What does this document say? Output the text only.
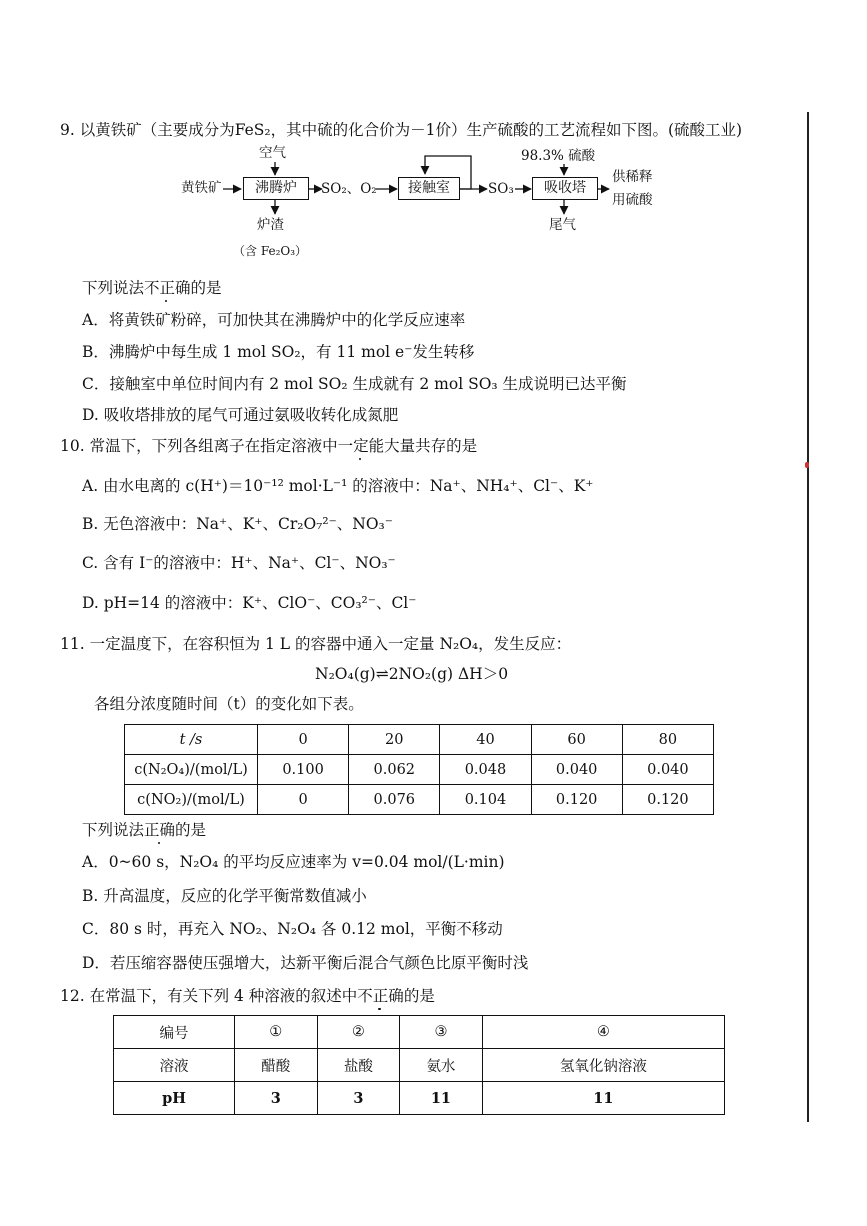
9. 以黄铁矿（主要成分为FeS₂，其中硫的化合价为－1价）生产硫酸的工艺流程如下图。(硫酸工业)
空气
黄铁矿	沸腾炉	SO₂、O₂	接触室	SO₃
98.3% 硫酸
吸收塔
供稀释
用硫酸
炉渣
（含 Fe₂O₃）
尾气
下列说法不正确的是
A．将黄铁矿粉碎，可加快其在沸腾炉中的化学反应速率
B．沸腾炉中每生成 1 mol SO₂，有 11 mol e⁻发生转移
C．接触室中单位时间内有 2 mol SO₂ 生成就有 2 mol SO₃ 生成说明已达平衡
D. 吸收塔排放的尾气可通过氨吸收转化成氮肥
10. 常温下，下列各组离子在指定溶液中一定能大量共存的是
A. 由水电离的 c(H⁺)＝10⁻¹² mol·L⁻¹ 的溶液中：Na⁺、NH₄⁺、Cl⁻、K⁺
B. 无色溶液中：Na⁺、K⁺、Cr₂O₇²⁻、NO₃⁻
C. 含有 I⁻的溶液中：H⁺、Na⁺、Cl⁻、NO₃⁻
D. pH=14 的溶液中：K⁺、ClO⁻、CO₃²⁻、Cl⁻
11. 一定温度下，在容积恒为 1 L 的容器中通入一定量 N₂O₄，发生反应：
N₂O₄(g)⇌2NO₂(g) ΔH＞0
各组分浓度随时间（t）的变化如下表。
t /s	0	20	40	60	80
c(N₂O₄)/(mol/L)	0.100	0.062	0.048	0.040	0.040
c(NO₂)/(mol/L)	0	0.076	0.104	0.120	0.120
下列说法正确的是
A．0~60 s，N₂O₄ 的平均反应速率为 v=0.04 mol/(L·min)
B. 升高温度，反应的化学平衡常数值减小
C．80 s 时，再充入 NO₂、N₂O₄ 各 0.12 mol，平衡不移动
D．若压缩容器使压强增大，达新平衡后混合气颜色比原平衡时浅
12. 在常温下，有关下列 4 种溶液的叙述中不正确的是
编号	①	②	③	④
溶液	醋酸	盐酸	氨水	氢氧化钠溶液
pH	3	3	11	11
